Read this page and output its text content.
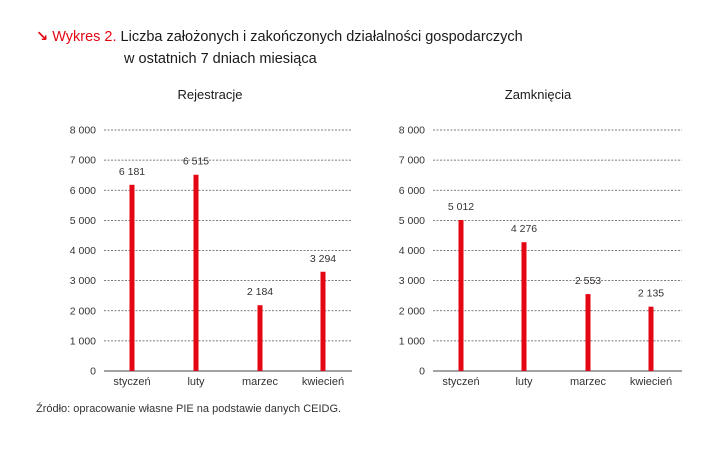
↘ Wykres 2. Liczba założonych i zakończonych działalności gospodarczych
w ostatnich 7 dniach miesiąca
Rejestracje
0
1 000
2 000
3 000
4 000
5 000
6 000
7 000
8 000
6 181
styczeń
6 515
luty
2 184
marzec
3 294
kwiecień
Zamknięcia
0
1 000
2 000
3 000
4 000
5 000
6 000
7 000
8 000
5 012
styczeń
4 276
luty
2 553
marzec
2 135
kwiecień
Źródło: opracowanie własne PIE na podstawie danych CEIDG.
